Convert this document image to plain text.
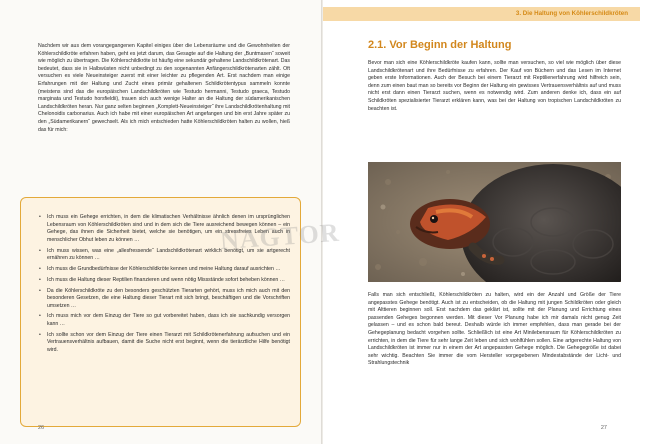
Nachdem wir aus dem vorangegangenen Kapitel einiges über die Lebensräume und die Gewohnheiten der Köhlerschildkröte erfahren haben, geht es jetzt darum, das Gesagte auf die Haltung der „Buntmasen“ soweit wie möglich zu übertragen. Die Köhlerschildkröte ist häufig eine sekundär gehaltene Landschildkrötenart. Das bedeutet, dass sie in Halbwüsten nicht unbedingt zu den sogenannten Anfängerschildkrötenarten zählt. Oft versuchen es viele Neueinsteiger zuerst mit einer leichter zu pflegenden Art. Erst nachdem man einige Erfahrungen mit der Haltung und Zucht eines primär gehaltenen Schildkrötentypus sammeln konnte (meistens sind das die europäischen Landschildkröten wie Testudo hermanni, Testudo graeca, Testudo marginata und Testudo horsfieldii), trauen sich auch wenige Halter an die Haltung der südamerikanischen Landschildkröten heran. Nur ganz selten beginnen „Komplett-Neueinsteiger“ ihre Landschildkrötenhaltung mit Chelonoidis carbonarius. Auch ich habe mit einer europäischen Art angefangen und bin erst Jahre später zu den „Südamerikanern“ gewechselt. Als ich mich entschieden hatte Köhlerschildkröten halten zu wollen, hieß das für mich:

• Ich muss ein Gehege errichten, in dem die klimatischen Verhältnisse ähnlich denen im ursprünglichen Lebensraum von Köhlerschildkröten sind und in dem sich die Tiere ausreichend bewegen können – ein Gehege, das ihnen die Sicherheit bietet, welche sie benötigen, um ein stressfreies Leben auch in menschlicher Obhut leben zu können …
• Ich muss wissen, was eine „allesfressende“ Landschildkrötenart wirklich benötigt, um sie artgerecht ernähren zu können …
• Ich muss die Grundbedürfnisse der Köhlerschildkröte kennen und meine Haltung darauf ausrichten …
• Ich muss die Haltung dieser Reptilien finanzieren und wenn nötig Missstände sofort beheben können …
• Da die Köhlerschildkröte zu den besonders geschützten Tierarten gehört, muss ich mich auch mit den besonderen Gesetzen, die eine Haltung dieser Tierart mit sich bringt, beschäftigen und die Vorschriften umsetzen …
• Ich muss mich vor dem Einzug der Tiere so gut vorbereitet haben, dass ich sie sachkundig versorgen kann …
• Ich sollte schon vor dem Einzug der Tiere einen Tierarzt mit Schildkrötenerfahrung aufsuchen und ein Vertrauensverhältnis aufbauen, damit die Suche nicht erst beginnt, wenn die tierärztliche Hilfe benötigt wird.
26
3. Die Haltung von Köhlerschildkröten
2.1. Vor Beginn der Haltung

Bevor man sich eine Köhlerschildkröte kaufen kann, sollte man versuchen, so viel wie möglich über diese Landschildkrötenart und ihre Bedürfnisse zu erfahren. Der Kauf von Büchern und das Lesen im Internet geben erste Informationen. Auch der Besuch bei einem Tierarzt mit Reptilienerfahrung wird hilfreich sein, denn zum einen baut man so bereits vor Beginn der Haltung ein gewisses Vertrauensverhältnis auf und muss nicht erst dann einen Tierarzt suchen, wenn es notwendig wird. Zum anderen denke ich, dass ein auf Schildkröten spezialisierter Tierarzt erklären kann, was bei der Haltung von tropischen Landschildkröten zu beachten ist.

Falls man sich entschließt, Köhlerschildkröten zu halten, wird ein der Anzahl und Größe der Tiere angepasstes Gehege benötigt. Auch ist zu entscheiden, ob die Haltung mit jungen Schildkröten oder gleich mit Alttieren beginnen soll. Erst nachdem das geklärt ist, sollte mit der Planung und Errichtung eines passenden Geheges begonnen werden. Mit dieser Vor Planung habe ich mir damals nicht genug Zeit gelassen – und es schon bald bereut. Deshalb würde ich immer empfehlen, dass man gerade bei der Gehegeplanung bedacht vorgehen sollte. Schließlich ist eine Art Minilebensraum für Köhlerschildkröten zu errichten, in dem die Tiere für sehr lange Zeit leben und sich wohlfühlen sollen. Eine artgerechte Haltung von Landschildkröten ist immer nur in einem der Art angepassten Gehege möglich. Die Gehegegröße ist dabei sehr wichtig. Beachten Sie immer die vom Hersteller vorgegebenen Mindestabstände der Licht- und Strahlungstechnik

27
NAGTOR
